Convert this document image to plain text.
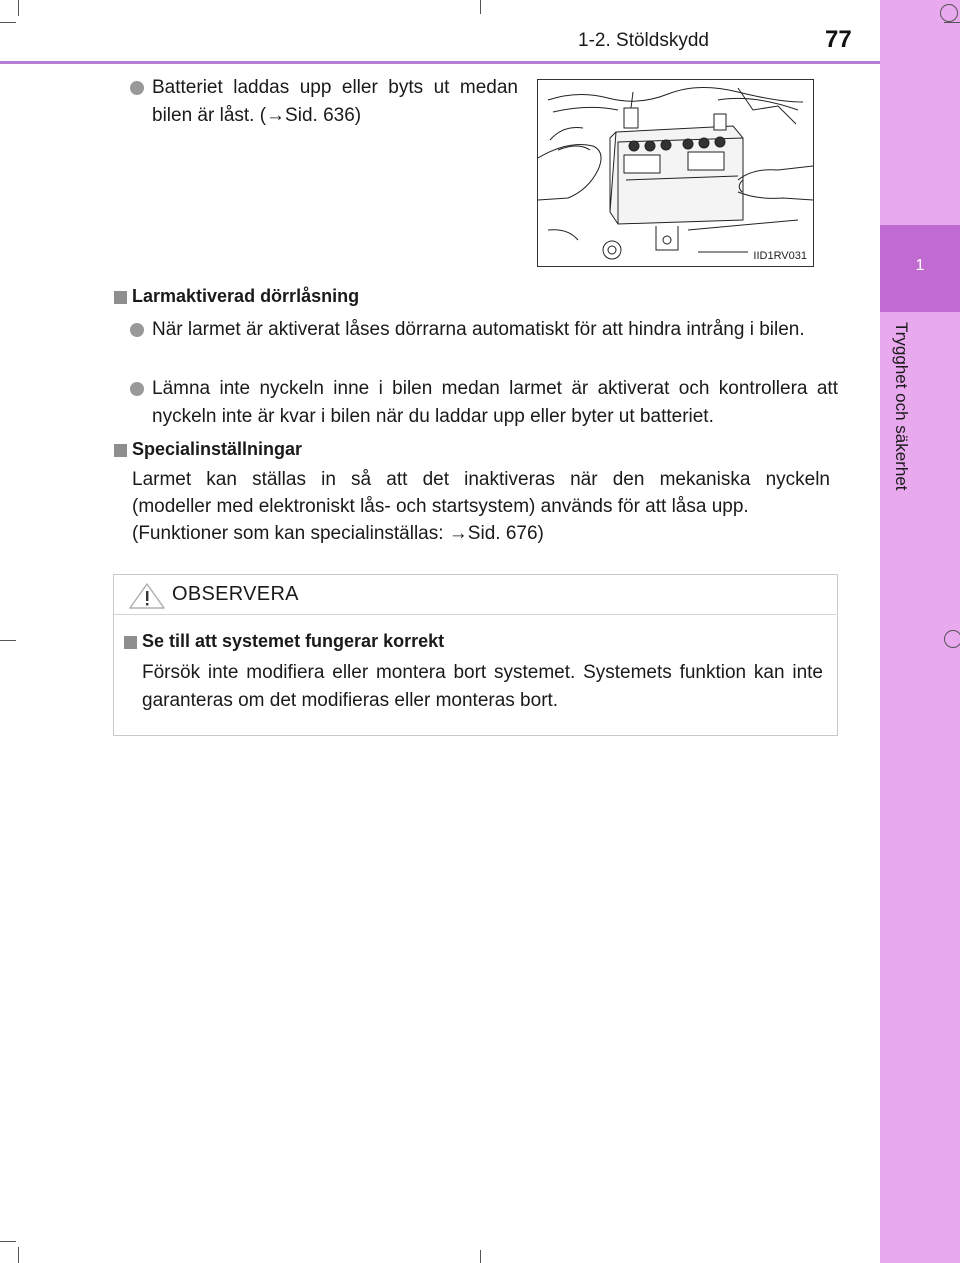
1-2. Stöldskydd	77
1
Trygghet och säkerhet
Batteriet laddas upp eller byts ut medan
bilen är låst. (→Sid. 636)
IID1RV031
Larmaktiverad dörrlåsning
När larmet är aktiverat låses dörrarna automatiskt för att hindra intrång i bilen.
Lämna inte nyckeln inne i bilen medan larmet är aktiverat och kontrollera att nyckeln inte är kvar i bilen när du laddar upp eller byter ut batteriet.
Specialinställningar
Larmet kan ställas in så att det inaktiveras när den mekaniska nyckeln
(modeller med elektroniskt lås- och startsystem) används för att låsa upp.
(Funktioner som kan specialinställas: →Sid. 676)
OBSERVERA
Se till att systemet fungerar korrekt
Försök inte modifiera eller montera bort systemet. Systemets funktion kan inte garanteras om det modifieras eller monteras bort.
